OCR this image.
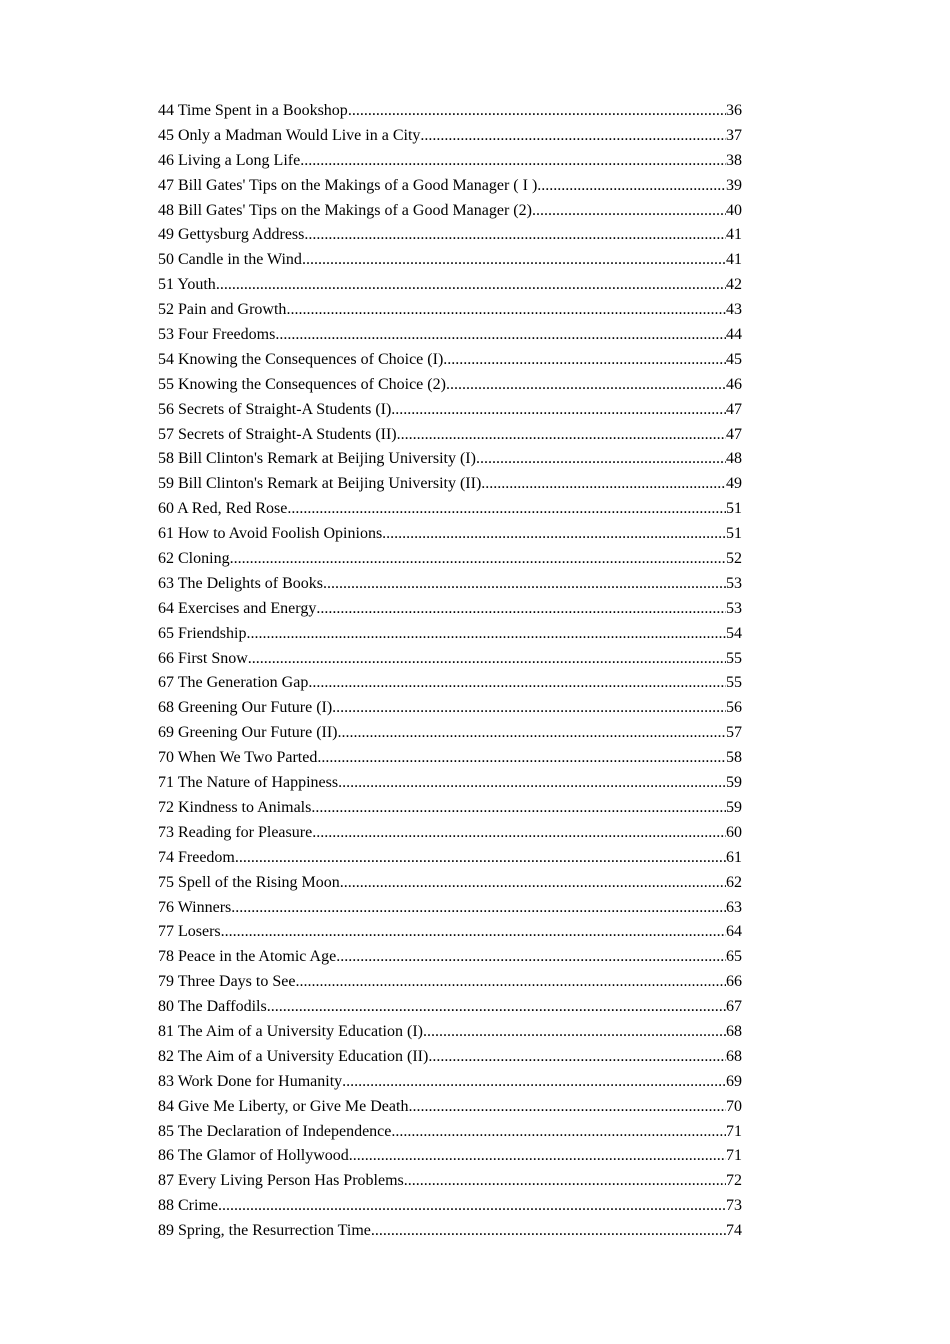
44 Time Spent in a Bookshop .....	36
45 Only a Madman Would Live in a City .....	37
46 Living a Long Life .....	38
47 Bill Gates' Tips on the Makings of a Good Manager ( I ) .....	39
48 Bill Gates' Tips on the Makings of a Good Manager (2) .....	40
49 Gettysburg Address .....	41
50 Candle in the Wind .....	41
51 Youth .....	42
52 Pain and Growth .....	43
53 Four Freedoms .....	44
54 Knowing the Consequences of Choice (I) .....	45
55 Knowing the Consequences of Choice (2) .....	46
56 Secrets of Straight-A Students (I) .....	47
57 Secrets of Straight-A Students (II) .....	47
58 Bill Clinton's Remark at Beijing University (I) .....	48
59 Bill Clinton's Remark at Beijing University (II) .....	49
60 A Red, Red Rose .....	51
61 How to Avoid Foolish Opinions .....	51
62 Cloning .....	52
63 The Delights of Books .....	53
64 Exercises and Energy .....	53
65 Friendship .....	54
66 First Snow .....	55
67 The Generation Gap .....	55
68 Greening Our Future (I) .....	56
69 Greening Our Future (II) .....	57
70 When We Two Parted .....	58
71 The Nature of Happiness .....	59
72 Kindness to Animals .....	59
73 Reading for Pleasure .....	60
74 Freedom .....	61
75 Spell of the Rising Moon .....	62
76 Winners .....	63
77 Losers .....	64
78 Peace in the Atomic Age .....	65
79 Three Days to See .....	66
80 The Daffodils .....	67
81 The Aim of a University Education (I) .....	68
82 The Aim of a University Education (II) .....	68
83 Work Done for Humanity .....	69
84 Give Me Liberty, or Give Me Death .....	70
85 The Declaration of Independence .....	71
86 The Glamor of Hollywood .....	71
87 Every Living Person Has Problems .....	72
88 Crime .....	73
89 Spring, the Resurrection Time .....	74
